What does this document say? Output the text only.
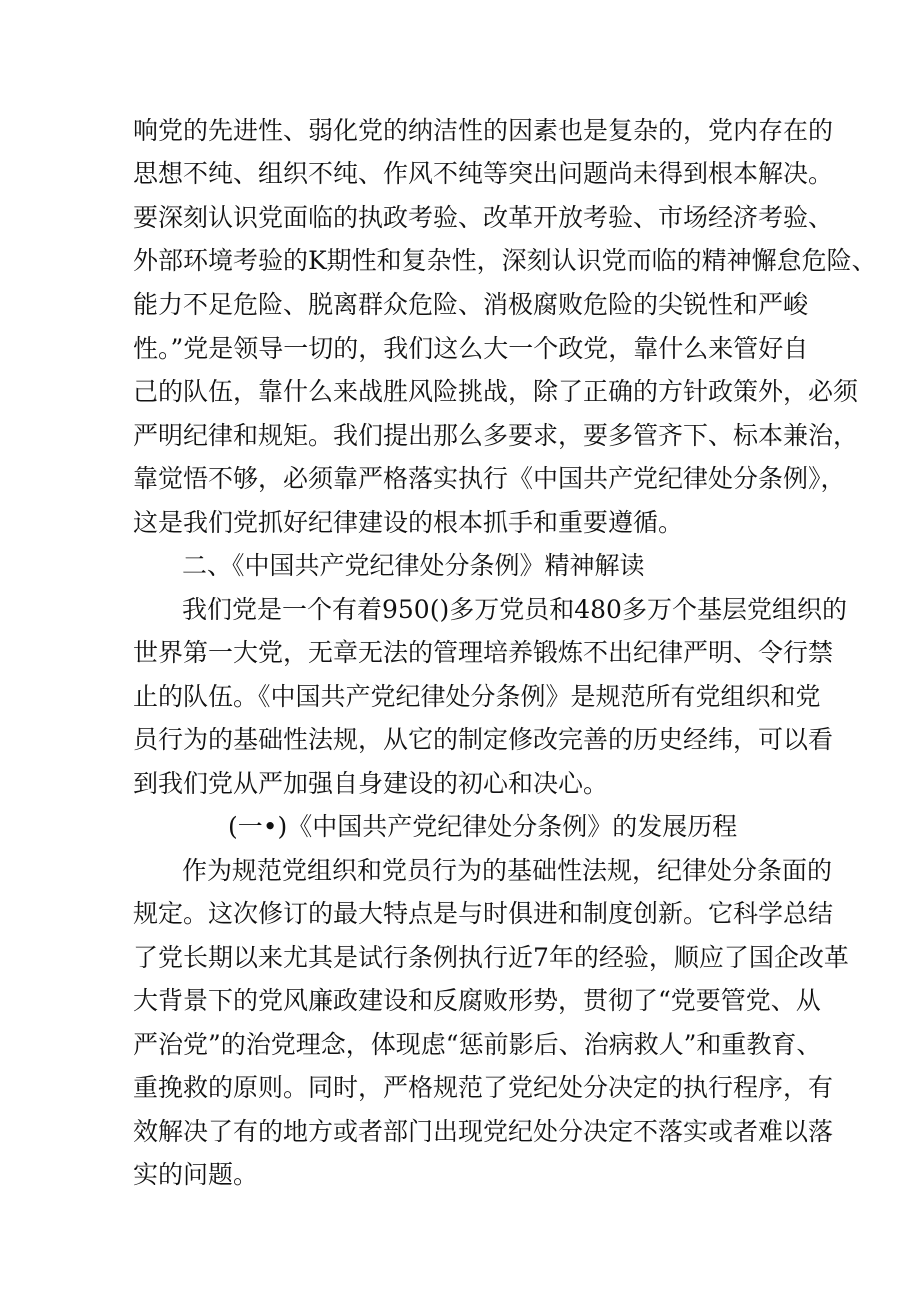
响党的先进性、弱化党的纳洁性的因素也是复杂的，党内存在的
思想不纯、组织不纯、作风不纯等突出问题尚未得到根本解决。
要深刻认识党面临的执政考验、改革开放考验、市场经济考验、
外部环境考验的K期性和复杂性，深刻认识党而临的精神懈怠危险、
能力不足危险、脱离群众危险、消极腐败危险的尖锐性和严峻
性。”党是领导一切的，我们这么大一个政党，靠什么来管好自
己的队伍，靠什么来战胜风险挑战，除了正确的方针政策外，必须
严明纪律和规矩。我们提出那么多要求，要多管齐下、标本兼治，
靠觉悟不够，必须靠严格落实执行《中国共产党纪律处分条例》，
这是我们党抓好纪律建设的根本抓手和重要遵循。
二、《中国共产党纪律处分条例》精神解读
我们党是一个有着950()多万党员和480多万个基层党组织的
世界第一大党，无章无法的管理培养锻炼不出纪律严明、令行禁
止的队伍。《中国共产党纪律处分条例》是规范所有党组织和党
员行为的基础性法规，从它的制定修改完善的历史经纬，可以看
到我们党从严加强自身建设的初心和决心。
(一•)《中国共产党纪律处分条例》的发展历程
作为规范党组织和党员行为的基础性法规，纪律处分条面的
规定。这次修订的最大特点是与时俱进和制度创新。它科学总结
了党长期以来尤其是试行条例执行近7年的经验，顺应了国企改革
大背景下的党风廉政建设和反腐败形势，贯彻了“党要管党、从
严治党”的治党理念，体现虑“惩前影后、治病救人”和重教育、
重挽救的原则。同时，严格规范了党纪处分决定的执行程序，有
效解决了有的地方或者部门出现党纪处分决定不落实或者难以落
实的问题。
